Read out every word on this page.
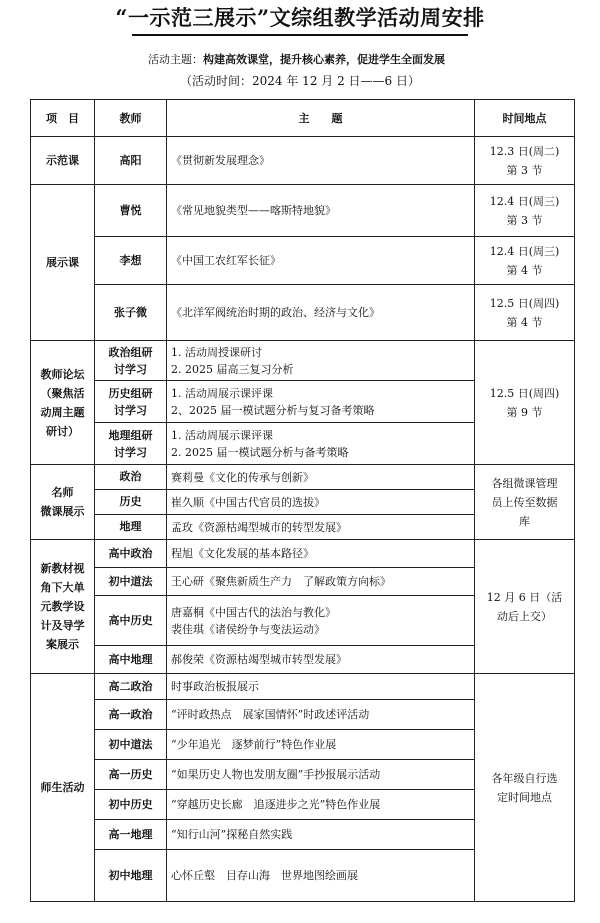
“一示范三展示”文综组教学活动周安排
活动主题：构建高效课堂，提升核心素养，促进学生全面发展
（活动时间：2024 年 12 月 2 日——6 日）
项　目	教师	主　　题	时间地点
示范课	高阳	《贯彻新发展理念》	12.3 日(周二)
第 3 节

展示课	曹悦	《常见地貌类型——喀斯特地貌》	12.4 日(周三)
第 3 节

	李想	《中国工农红军长征》	12.4 日(周三)
第 4 节

	张子微	《北洋军阀统治时期的政治、经济与文化》	12.5 日(周四)
第 4 节

教师论坛
（聚焦活
动周主题
研讨）	政治组研
讨学习	1. 活动周授课研讨
2. 2025 届高三复习分析	12.5 日(周四)
第 9 节

	历史组研
讨学习	1. 活动周展示课评课
2、2025 届一模试题分析与复习备考策略	

	地理组研
讨学习	1. 活动周展示课评课
2. 2025 届一模试题分析与备考策略	

名师
微课展示	政治	赛莉曼《文化的传承与创新》	各组微课管理
员上传至数据
库

	历史	崔久顺《中国古代官员的选拔》	
	地理	孟玫《资源枯竭型城市的转型发展》	

新教材视
角下大单
元教学设
计及导学
案展示	高中政治	程旭《文化发展的基本路径》	12 月 6 日（活
动后上交）

	初中道法	王心研《聚焦新质生产力　了解政策方向标》	
	高中历史	唐嘉桐《中国古代的法治与教化》
裴佳琪《诸侯纷争与变法运动》	

	高中地理	郝俊荣《资源枯竭型城市转型发展》	
师生活动	高二政治	时事政治板报展示	各年级自行选
定时间地点

	高一政治	“评时政热点　展家国情怀”时政述评活动	
	初中道法	“少年追光　逐梦前行”特色作业展	
	高一历史	“如果历史人物也发朋友圈”手抄报展示活动	
	初中历史	“穿越历史长廊　追逐进步之光”特色作业展	
	高一地理	“知行山河”探秘自然实践	
	初中地理	心怀丘壑　目存山海　世界地图绘画展	
